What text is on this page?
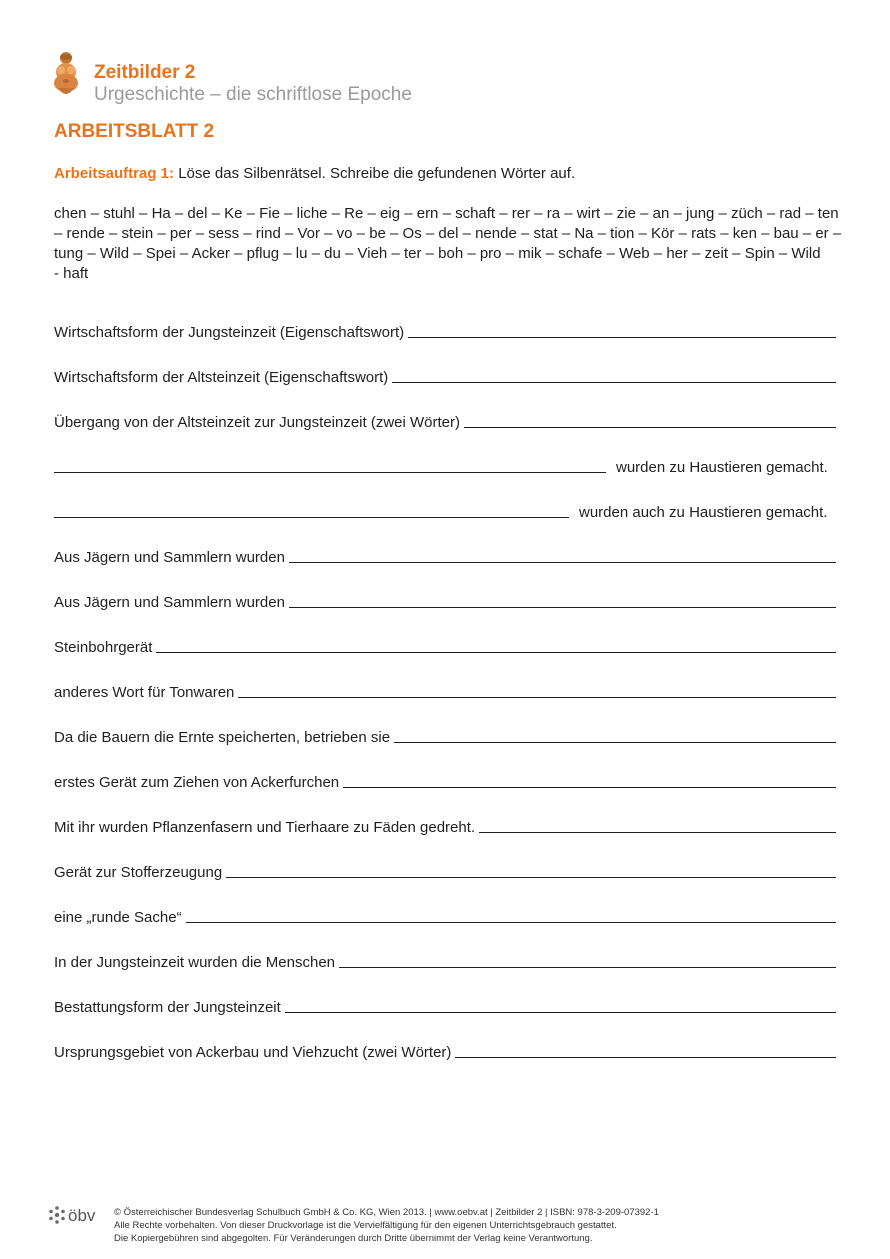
Zeitbilder 2
Urgeschichte – die schriftlose Epoche
ARBEITSBLATT 2
Arbeitsauftrag 1: Löse das Silbenrätsel. Schreibe die gefundenen Wörter auf.
chen – stuhl – Ha – del – Ke – Fie – liche – Re – eig – ern – schaft – rer – ra – wirt – zie – an – jung – züch – rad – ten
– rende – stein – per – sess – rind – Vor – vo – be – Os – del – nende – stat – Na – tion – Kör – rats – ken – bau – er –
tung – Wild – Spei – Acker – pflug – lu – du – Vieh – ter – boh – pro – mik – schafe – Web – her – zeit – Spin – Wild
- haft
Wirtschaftsform der Jungsteinzeit (Eigenschaftswort)
Wirtschaftsform der Altsteinzeit (Eigenschaftswort)
Übergang von der Altsteinzeit zur Jungsteinzeit (zwei Wörter)
wurden zu Haustieren gemacht.
wurden auch zu Haustieren gemacht.
Aus Jägern und Sammlern wurden
Aus Jägern und Sammlern wurden
Steinbohrgerät
anderes Wort für Tonwaren
Da die Bauern die Ernte speicherten, betrieben sie
erstes Gerät zum Ziehen von Ackerfurchen
Mit ihr wurden Pflanzenfasern und Tierhaare zu Fäden gedreht.
Gerät zur Stofferzeugung
eine „runde Sache“
In der Jungsteinzeit wurden die Menschen
Bestattungsform der Jungsteinzeit
Ursprungsgebiet von Ackerbau und Viehzucht (zwei Wörter)
öbv © Österreichischer Bundesverlag Schulbuch GmbH & Co. KG, Wien 2013. | www.oebv.at | Zeitbilder 2 | ISBN: 978-3-209-07392-1
Alle Rechte vorbehalten. Von dieser Druckvorlage ist die Vervielfältigung für den eigenen Unterrichtsgebrauch gestattet.
Die Kopiergebühren sind abgegolten. Für Veränderungen durch Dritte übernimmt der Verlag keine Verantwortung.
